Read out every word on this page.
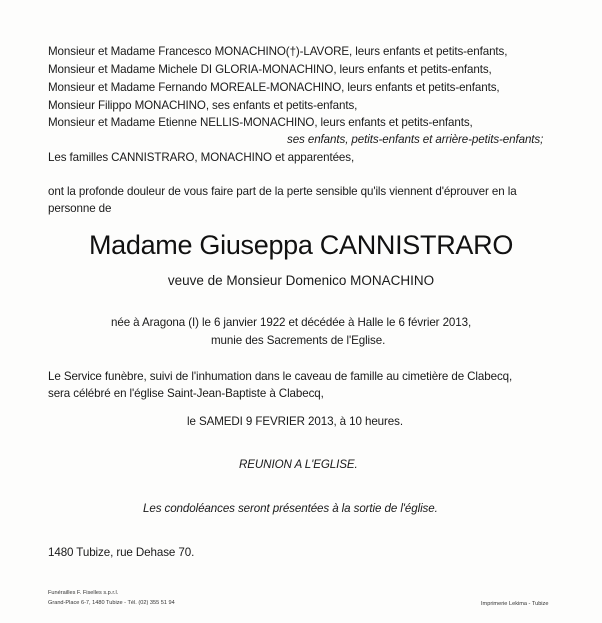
Monsieur et Madame Francesco MONACHINO(†)-LAVORE, leurs enfants et petits-enfants,
Monsieur et Madame Michele DI GLORIA-MONACHINO, leurs enfants et petits-enfants,
Monsieur et Madame Fernando MOREALE-MONACHINO, leurs enfants et petits-enfants,
Monsieur Filippo MONACHINO, ses enfants et petits-enfants,
Monsieur et Madame Etienne NELLIS-MONACHINO, leurs enfants et petits-enfants,
ses enfants, petits-enfants et arrière-petits-enfants;
Les familles CANNISTRARO, MONACHINO et apparentées,
ont la profonde douleur de vous faire part de la perte sensible qu'ils viennent d'éprouver en la
personne de
Madame Giuseppa CANNISTRARO
veuve de Monsieur Domenico MONACHINO
née à Aragona (I) le 6 janvier 1922 et décédée à Halle le 6 février 2013,
munie des Sacrements de l'Eglise.
Le Service funèbre, suivi de l'inhumation dans le caveau de famille au cimetière de Clabecq,
sera célébré en l'église Saint-Jean-Baptiste à Clabecq,
le SAMEDI 9 FEVRIER 2013, à 10 heures.
REUNION A L'EGLISE.
Les condoléances seront présentées à la sortie de l'église.
1480 Tubize, rue Dehase 70.
Funérailles F. Fiselles s.p.r.l.
Grand-Place 6-7, 1480 Tubize - Tél. (02) 355 51 94	Imprimerie Lekima - Tubize
